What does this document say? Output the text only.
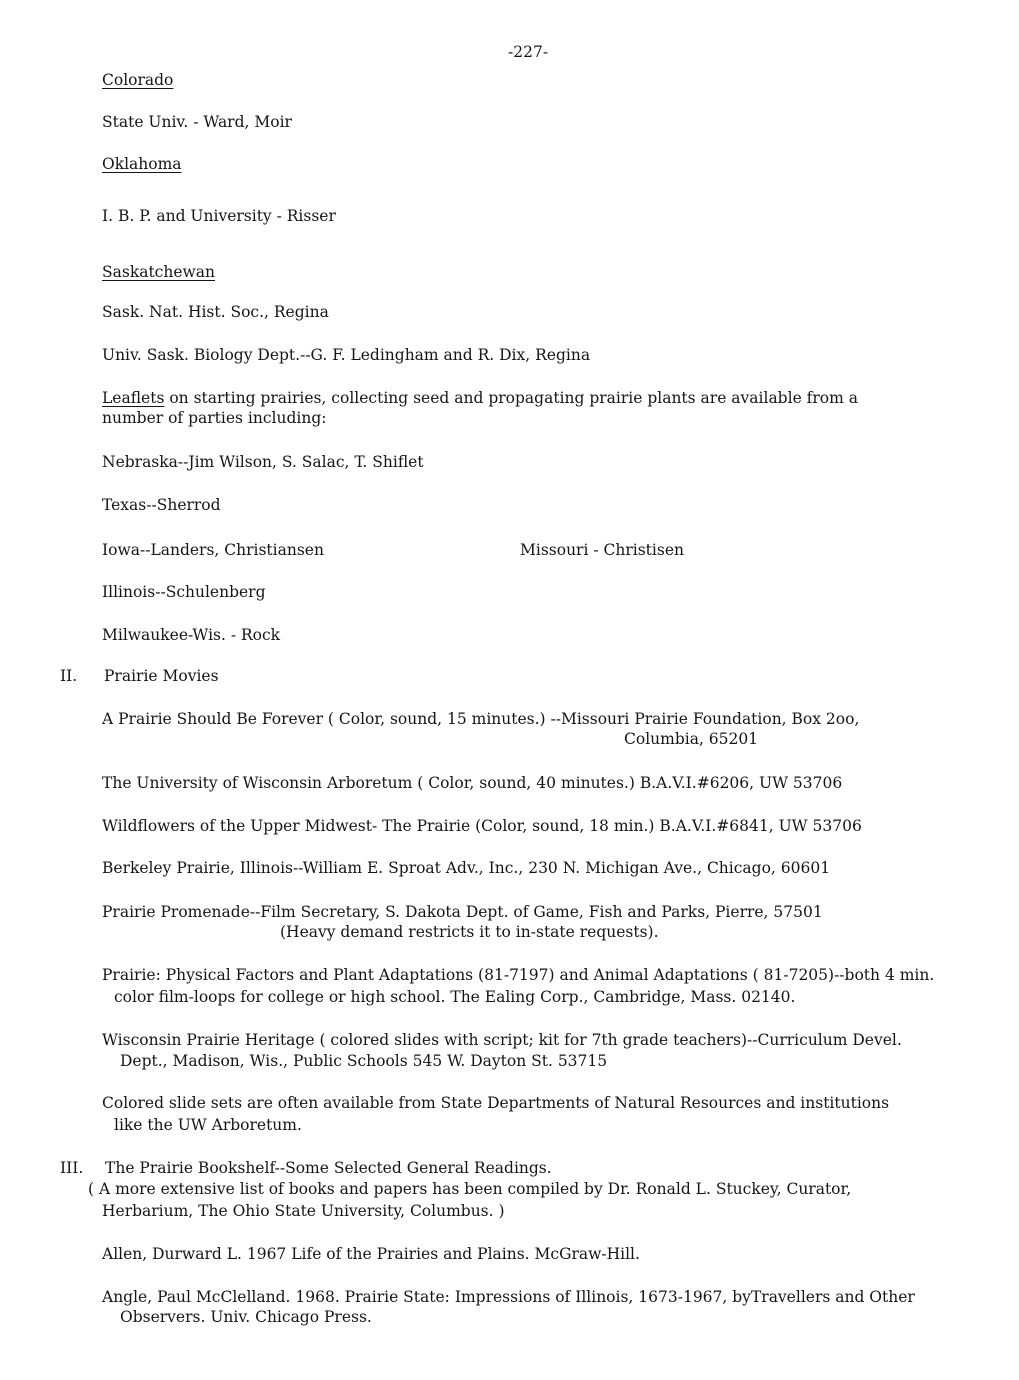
-227-
Colorado
State Univ. - Ward, Moir
Oklahoma
I. B. P. and University - Risser
Saskatchewan
Sask. Nat. Hist. Soc., Regina
Univ. Sask. Biology Dept.--G. F. Ledingham and R. Dix, Regina
Leaflets on starting prairies, collecting seed and propagating prairie plants are available from a
number of parties including:
Nebraska--Jim Wilson, S. Salac, T. Shiflet
Texas--Sherrod
Iowa--Landers, Christiansen	Missouri - Christisen
Illinois--Schulenberg
Milwaukee-Wis. - Rock
II. Prairie Movies
A Prairie Should Be Forever ( Color, sound, 15 minutes.) --Missouri Prairie Foundation, Box 2oo,
Columbia, 65201
The University of Wisconsin Arboretum ( Color, sound, 40 minutes.) B.A.V.I.#6206, UW 53706
Wildflowers of the Upper Midwest- The Prairie (Color, sound, 18 min.) B.A.V.I.#6841, UW 53706
Berkeley Prairie, Illinois--William E. Sproat Adv., Inc., 230 N. Michigan Ave., Chicago, 60601
Prairie Promenade--Film Secretary, S. Dakota Dept. of Game, Fish and Parks, Pierre, 57501
(Heavy demand restricts it to in-state requests).
Prairie: Physical Factors and Plant Adaptations (81-7197) and Animal Adaptations ( 81-7205)--both 4 min.
color film-loops for college or high school. The Ealing Corp., Cambridge, Mass. 02140.
Wisconsin Prairie Heritage ( colored slides with script; kit for 7th grade teachers)--Curriculum Devel.
Dept., Madison, Wis., Public Schools 545 W. Dayton St. 53715
Colored slide sets are often available from State Departments of Natural Resources and institutions
like the UW Arboretum.
III. The Prairie Bookshelf--Some Selected General Readings.
( A more extensive list of books and papers has been compiled by Dr. Ronald L. Stuckey, Curator,
Herbarium, The Ohio State University, Columbus. )
Allen, Durward L. 1967 Life of the Prairies and Plains. McGraw-Hill.
Angle, Paul McClelland. 1968. Prairie State: Impressions of Illinois, 1673-1967, byTravellers and Other
Observers. Univ. Chicago Press.
